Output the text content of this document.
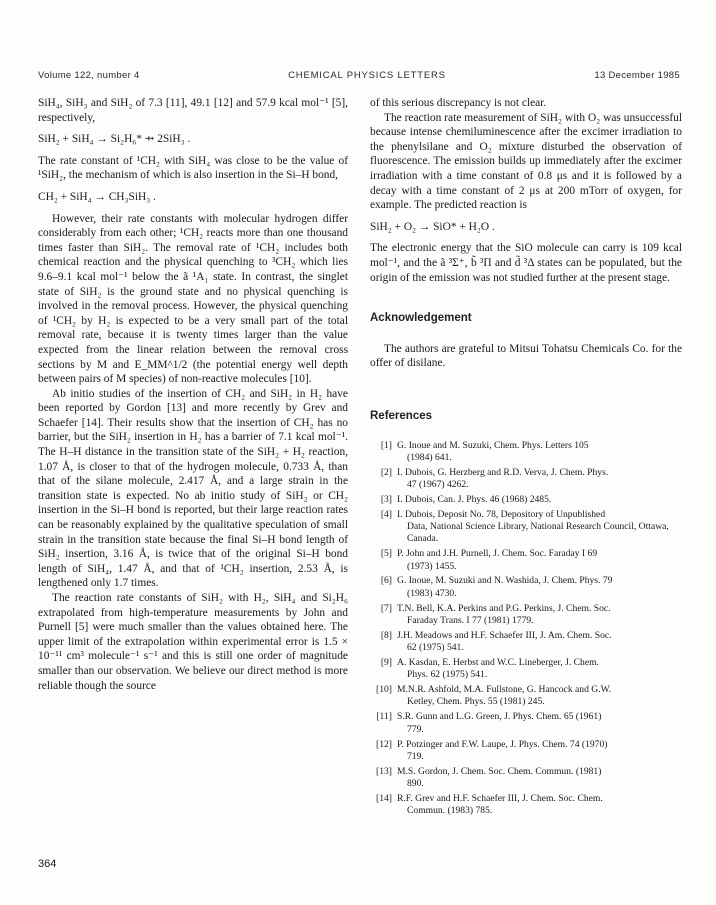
Volume 122, number 4	CHEMICAL PHYSICS LETTERS	13 December 1985

SiH₄, SiH₃ and SiH₂ of 7.3 [11], 49.1 [12] and 57.9 kcal mol⁻¹ [5], respectively,

SiH₂ + SiH₄ → Si₂H₆* ⇸ 2SiH₃ .

The rate constant of ¹CH₂ with SiH₄ was close to be the value of ¹SiH₂, the mechanism of which is also insertion in the Si–H bond,

CH₂ + SiH₄ → CH₃SiH₃ .

However, their rate constants with molecular hydrogen differ considerably from each other; ¹CH₂ reacts more than one thousand times faster than SiH₂. The removal rate of ¹CH₂ includes both chemical reaction and the physical quenching to ³CH₂ which lies 9.6–9.1 kcal mol⁻¹ below the ã ¹A₁ state. In contrast, the singlet state of SiH₂ is the ground state and no physical quenching is involved in the removal process. However, the physical quenching of ¹CH₂ by H₂ is expected to be a very small part of the total removal rate, because it is twenty times larger than the value expected from the linear relation between the removal cross sections by M and E_MM^1/2 (the potential energy well depth between pairs of M species) of non-reactive molecules [10].

Ab initio studies of the insertion of CH₂ and SiH₂ in H₂ have been reported by Gordon [13] and more recently by Grev and Schaefer [14]. Their results show that the insertion of CH₂ has no barrier, but the SiH₂ insertion in H₂ has a barrier of 7.1 kcal mol⁻¹. The H–H distance in the transition state of the SiH₂ + H₂ reaction, 1.07 Å, is closer to that of the hydrogen molecule, 0.733 Å, than that of the silane molecule, 2.417 Å, and a large strain in the transition state is expected. No ab initio study of SiH₂ or CH₂ insertion in the Si–H bond is reported, but their large reaction rates can be reasonably explained by the qualitative speculation of small strain in the transition state because the final Si–H bond length of SiH₂ insertion, 3.16 Å, is twice that of the original Si–H bond length of SiH₄, 1.47 Å, and that of ¹CH₂ insertion, 2.53 Å, is lengthened only 1.7 times.

The reaction rate constants of SiH₂ with H₂, SiH₄ and Si₂H₆ extrapolated from high-temperature measurements by John and Purnell [5] were much smaller than the values obtained here. The upper limit of the extrapolation within experimental error is 1.5 × 10⁻¹¹ cm³ molecule⁻¹ s⁻¹ and this is still one order of magnitude smaller than our observation. We believe our direct method is more reliable though the source

of this serious discrepancy is not clear.

The reaction rate measurement of SiH₂ with O₂ was unsuccessful because intense chemiluminescence after the excimer irradiation to the phenylsilane and O₂ mixture disturbed the observation of fluorescence. The emission builds up immediately after the excimer irradiation with a time constant of 0.8 μs and it is followed by a decay with a time constant of 2 μs at 200 mTorr of oxygen, for example. The predicted reaction is

SiH₂ + O₂ → SiO* + H₂O .

The electronic energy that the SiO molecule can carry is 109 kcal mol⁻¹, and the ã ³Σ⁺, b̃ ³Π and d̃ ³Δ states can be populated, but the origin of the emission was not studied further at the present stage.

Acknowledgement

The authors are grateful to Mitsui Tohatsu Chemicals Co. for the offer of disilane.

References
[1] G. Inoue and M. Suzuki, Chem. Phys. Letters 105
(1984) 641.
[2] I. Dubois, G. Herzberg and R.D. Verva, J. Chem. Phys.
47 (1967) 4262.
[3] I. Dubois, Can. J. Phys. 46 (1968) 2485.
[4] I. Dubois, Deposit No. 78, Depository of Unpublished
Data, National Science Library, National Research Council, Ottawa, Canada.
[5] P. John and J.H. Purnell, J. Chem. Soc. Faraday I 69
(1973) 1455.
[6] G. Inoue, M. Suzuki and N. Washida, J. Chem. Phys. 79
(1983) 4730.
[7] T.N. Bell, K.A. Perkins and P.G. Perkins, J. Chem. Soc.
Faraday Trans. I 77 (1981) 1779.
[8] J.H. Meadows and H.F. Schaefer III, J. Am. Chem. Soc.
62 (1975) 541.
[9] A. Kasdan, E. Herbst and W.C. Lineberger, J. Chem.
Phys. 62 (1975) 541.
[10] M.N.R. Ashfold, M.A. Fullstone, G. Hancock and G.W.
Ketley, Chem. Phys. 55 (1981) 245.
[11] S.R. Gunn and L.G. Green, J. Phys. Chem. 65 (1961)
779.
[12] P. Potzinger and F.W. Laupe, J. Phys. Chem. 74 (1970)
719.
[13] M.S. Gordon, J. Chem. Soc. Chem. Commun. (1981)
890.
[14] R.F. Grev and H.F. Schaefer III, J. Chem. Soc. Chem.
Commun. (1983) 785.
364
